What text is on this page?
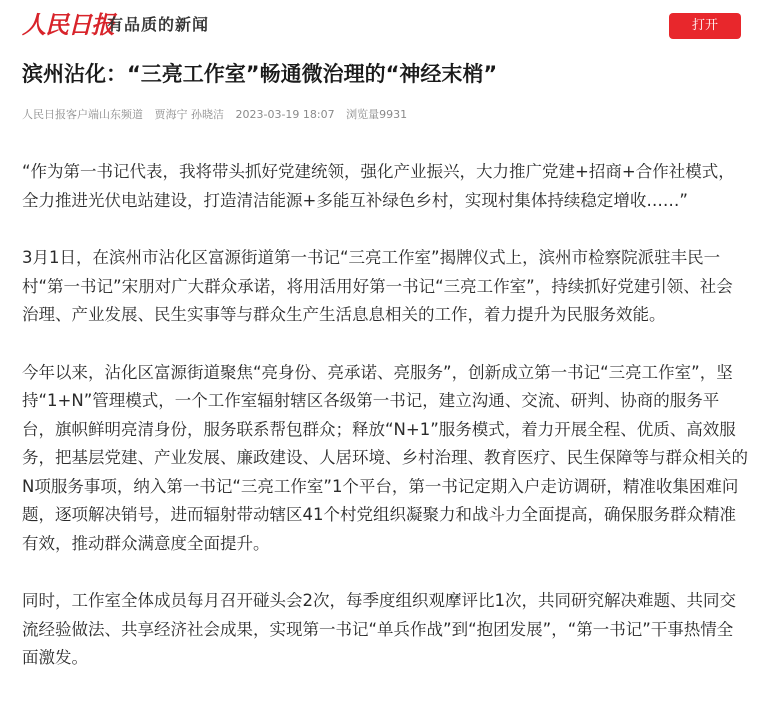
人民日报
有品质的新闻	打开
滨州沾化：“三亮工作室”畅通微治理的“神经末梢”
人民日报客户端山东频道 贾海宁 孙晓洁 2023-03-19 18:07 浏览量9931

“作为第一书记代表，我将带头抓好党建统领，强化产业振兴，大力推广党建+招商+合作社模式，全力推进光伏电站建设，打造清洁能源+多能互补绿色乡村，实现村集体持续稳定增收……”

3月1日，在滨州市沾化区富源街道第一书记“三亮工作室”揭牌仪式上，滨州市检察院派驻丰民一村“第一书记”宋朋对广大群众承诺，将用活用好第一书记“三亮工作室”，持续抓好党建引领、社会治理、产业发展、民生实事等与群众生产生活息息相关的工作，着力提升为民服务效能。

今年以来，沾化区富源街道聚焦“亮身份、亮承诺、亮服务”，创新成立第一书记“三亮工作室”，坚持“1+N”管理模式，一个工作室辐射辖区各级第一书记，建立沟通、交流、研判、协商的服务平台，旗帜鲜明亮清身份，服务联系帮包群众；释放“N+1”服务模式，着力开展全程、优质、高效服务，把基层党建、产业发展、廉政建设、人居环境、乡村治理、教育医疗、民生保障等与群众相关的N项服务事项，纳入第一书记“三亮工作室”1个平台，第一书记定期入户走访调研，精准收集困难问题，逐项解决销号，进而辐射带动辖区41个村党组织凝聚力和战斗力全面提高，确保服务群众精准有效，推动群众满意度全面提升。

同时，工作室全体成员每月召开碰头会2次，每季度组织观摩评比1次，共同研究解决难题、共同交流经验做法、共享经济社会成果，实现第一书记“单兵作战”到“抱团发展”，“第一书记”干事热情全面激发。
